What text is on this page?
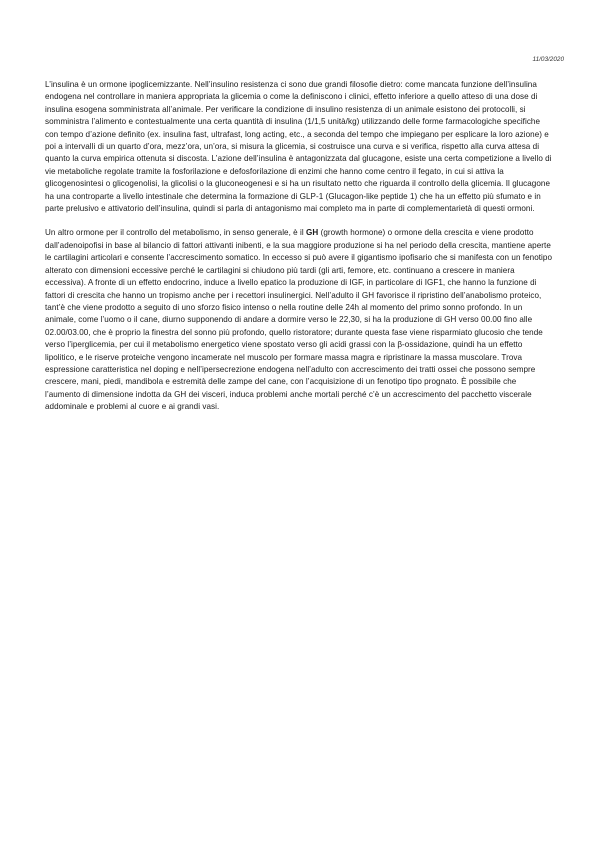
11/03/2020

L’insulina è un ormone ipoglicemizzante. Nell’insulino resistenza ci sono due grandi filosofie dietro: come mancata funzione dell’insulina endogena nel controllare in maniera appropriata la glicemia o come la definiscono i clinici, effetto inferiore a quello atteso di una dose di insulina esogena somministrata all’animale. Per verificare la condizione di insulino resistenza di un animale esistono dei protocolli, si somministra l’alimento e contestualmente una certa quantità di insulina (1/1,5 unità/kg) utilizzando delle forme farmacologiche specifiche con tempo d’azione definito (ex. insulina fast, ultrafast, long acting, etc., a seconda del tempo che impiegano per esplicare la loro azione) e poi a intervalli di un quarto d’ora, mezz’ora, un’ora, si misura la glicemia, si costruisce una curva e si verifica, rispetto alla curva attesa di quanto la curva empirica ottenuta si discosta. L’azione dell’insulina è antagonizzata dal glucagone, esiste una certa competizione a livello di vie metaboliche regolate tramite la fosforilazione e defosforilazione di enzimi che hanno come centro il fegato, in cui si attiva la glicogenosintesi o glicogenolisi, la glicolisi o la gluconeogenesi e si ha un risultato netto che riguarda il controllo della glicemia. Il glucagone ha una controparte a livello intestinale che determina la formazione di GLP-1 (Glucagon-like peptide 1) che ha un effetto più sfumato e in parte prelusivo e attivatorio dell’insulina, quindi si parla di antagonismo mai completo ma in parte di complementarietà di questi ormoni.

Un altro ormone per il controllo del metabolismo, in senso generale, è il GH (growth hormone) o ormone della crescita e viene prodotto dall’adenoipofisi in base al bilancio di fattori attivanti inibenti, e la sua maggiore produzione si ha nel periodo della crescita, mantiene aperte le cartilagini articolari e consente l’accrescimento somatico. In eccesso si può avere il gigantismo ipofisario che si manifesta con un fenotipo alterato con dimensioni eccessive perché le cartilagini si chiudono più tardi (gli arti, femore, etc. continuano a crescere in maniera eccessiva). A fronte di un effetto endocrino, induce a livello epatico la produzione di IGF, in particolare di IGF1, che hanno la funzione di fattori di crescita che hanno un tropismo anche per i recettori insulinergici. Nell’adulto il GH favorisce il ripristino dell’anabolismo proteico, tant’è che viene prodotto a seguito di uno sforzo fisico intenso o nella routine delle 24h al momento del primo sonno profondo. In un animale, come l’uomo o il cane, diurno supponendo di andare a dormire verso le 22,30, si ha la produzione di GH verso 00.00 fino alle 02.00/03.00, che è proprio la finestra del sonno più profondo, quello ristoratore; durante questa fase viene risparmiato glucosio che tende verso l’iperglicemia, per cui il metabolismo energetico viene spostato verso gli acidi grassi con la β-ossidazione, quindi ha un effetto lipolitico, e le riserve proteiche vengono incamerate nel muscolo per formare massa magra e ripristinare la massa muscolare. Trova espressione caratteristica nel doping e nell’ipersecrezione endogena nell’adulto con accrescimento dei tratti ossei che possono sempre crescere, mani, piedi, mandibola e estremità delle zampe del cane, con l’acquisizione di un fenotipo tipo prognato. È possibile che l’aumento di dimensione indotta da GH dei visceri, induca problemi anche mortali perché c’è un accrescimento del pacchetto viscerale addominale e problemi al cuore e ai grandi vasi.
